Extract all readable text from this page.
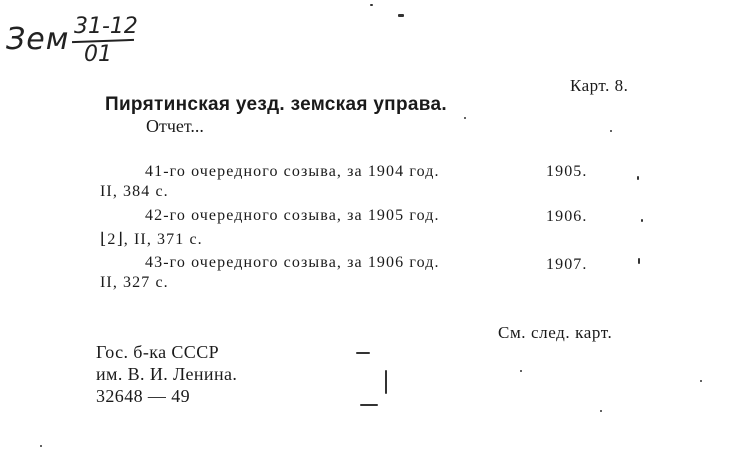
Зем 31-12
01
Карт. 8.
Пирятинская уезд. земская управа.
Отчет...
41-го очередного созыва, за 1904 год.	1905.
II, 384 с.
42-го очередного созыва, за 1905 год.	1906.
⌊2⌋, II, 371 с.
43-го очередного созыва, за 1906 год.	1907.
II, 327 с.
См. след. карт.
Гос. б-ка СССР
им. В. И. Ленина.
32648 — 49
